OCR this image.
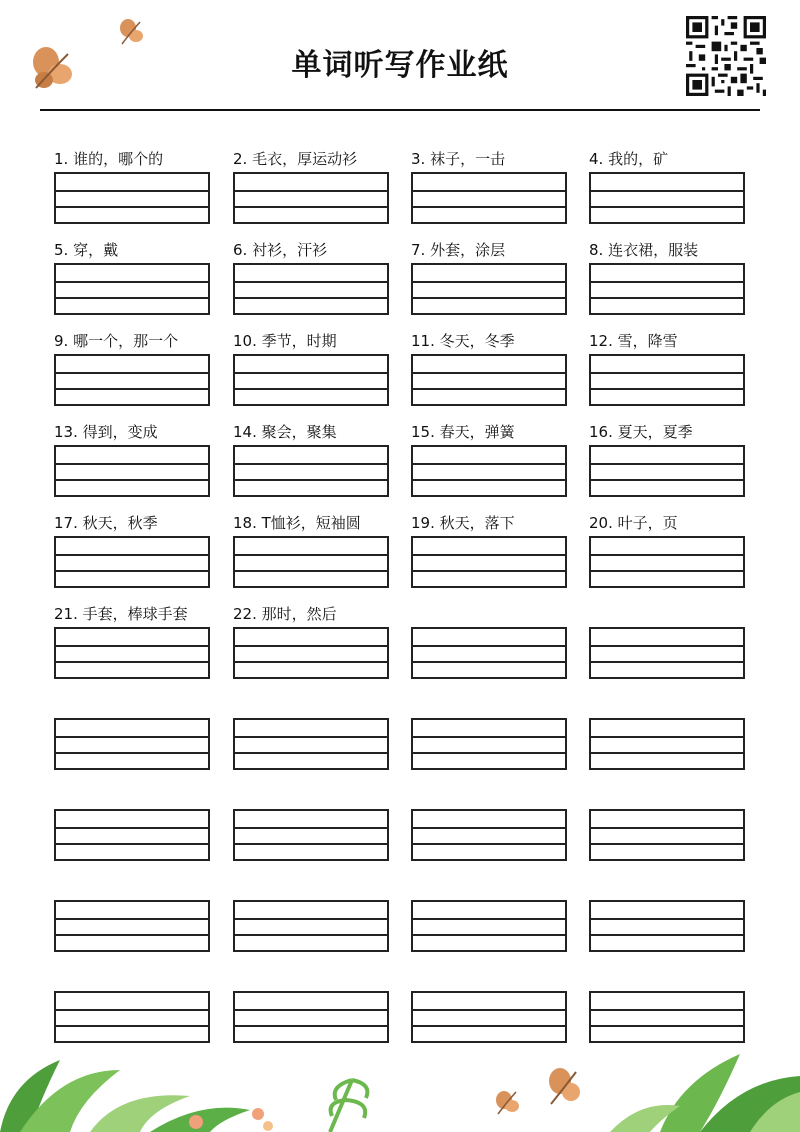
单词听写作业纸
1. 谁的，哪个的	2. 毛衣，厚运动衫	3. 袜子，一击	4. 我的，矿
5. 穿，戴	6. 衬衫，汗衫	7. 外套，涂层	8. 连衣裙，服装
9. 哪一个，那一个	10. 季节，时期	11. 冬天，冬季	12. 雪，降雪
13. 得到，变成	14. 聚会，聚集	15. 春天，弹簧	16. 夏天，夏季
17. 秋天，秋季	18. T恤衫，短袖圆	19. 秋天，落下	20. 叶子，页
21. 手套，棒球手套	22. 那时，然后
